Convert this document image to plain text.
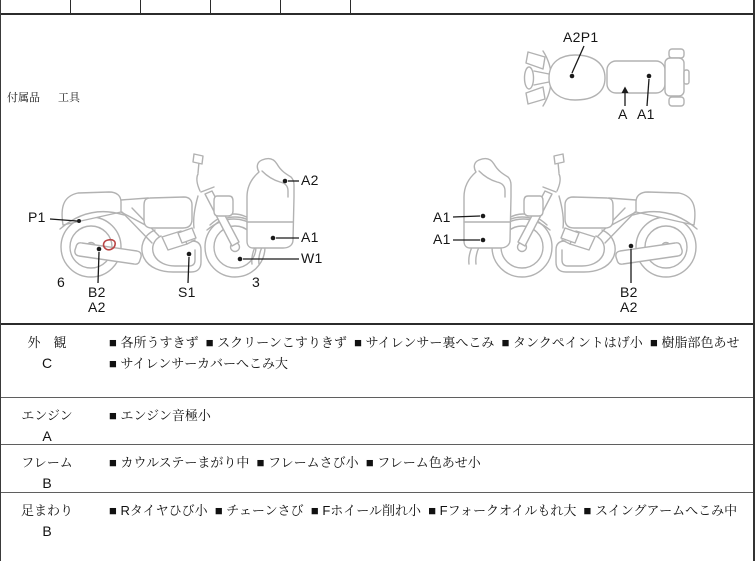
付属品 工具
A2P1
A A1
P1
A2
A1
W1
6
B2
A2
S1
3
A1
A1
B2
A2
外　観
C
■ 各所うすきず  ■ スクリーンこすりきず  ■ サイレンサー裏へこみ  ■ タンクペイントはげ小  ■ 樹脂部色あせ  ■ サイレンサーカバーへこみ大
エンジン
A
■ エンジン音極小
フレーム
B
■ カウルステーまがり中  ■ フレームさび小  ■ フレーム色あせ小
足まわり
B
■ Rタイヤひび小  ■ チェーンさび  ■ Fホイール削れ小  ■ Fフォークオイルもれ大  ■ スイングアームへこみ中
